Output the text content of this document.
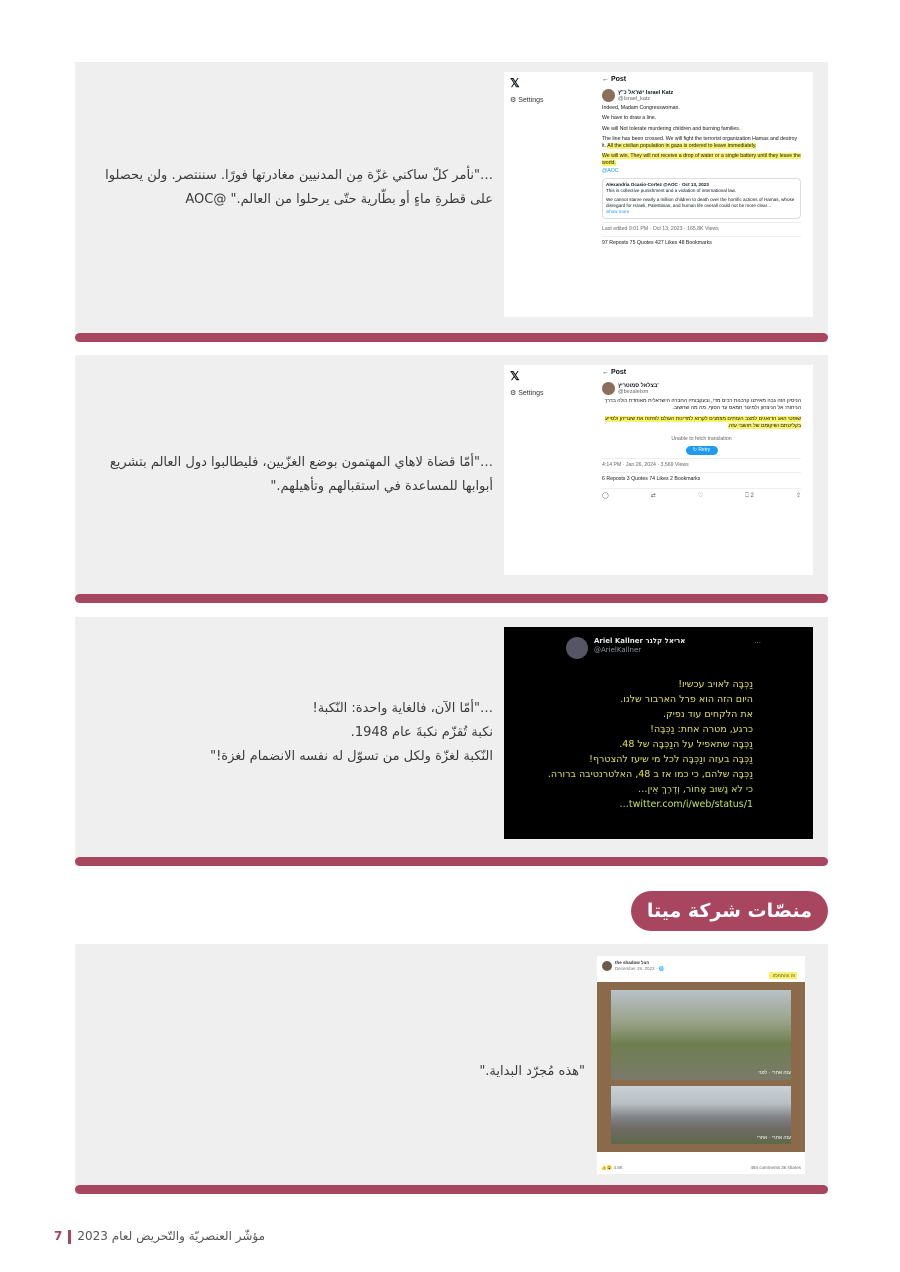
𝕏
⚙ Settings
← Post
ישראל כ"ץ Israel Katz
@Israel_katz

Indeed, Madam Congresswoman.

We have to draw a line.

We will Not tolerate murdering children and burning families.

The line has been crossed. We will fight the terrorist organization Hamas and destroy it. All the civilian population in gaza is ordered to leave immediately.

We will win. They will not receive a drop of water or a single battery until they leave the world.
@AOC

Alexandria Ocasio-Cortez @AOC · Oct 13, 2023
This is collective punishment and a violation of international law.
We cannot starve nearly a million children to death over the horrific actions of Hamas, whose disregard for Israeli, Palestinian, and human life overall could not be more clear…
Show more
Last edited 9:01 PM · Oct 13, 2023 · 165.8K Views
97 Reposts 75 Quotes 427 Likes 48 Bookmarks
…"نأمر كلّ ساكني غزّة مِن المدنيين مغادرتها فورًا. سننتصر. ولن يحصلوا على قطرةِ ماءٍ أو بطّارية حتّى يرحلوا من العالم." @AOC
𝕏
⚙ Settings
← Post
בצלאל סמוטריץ'
@bezalelsm

הניסיון הזה גבה מאיתנו קרבנות רבים מדי, ובעקבותיו החברה הישראלית מאוחדת כולה בדרך הניחוח: אל הניצחון ולמיגור חמאס עד הסוף, מה מה שחשוב.

שופטי האג הדואגים למצב העזתים מוזמנים לקרוא למדינות העולם לפתוח את שעריהן ולסייע בקליטתם ושיקומם של תושבי עזה.

Unable to fetch translation
↻ Retry
4:14 PM · Jan 26, 2024 · 3,569 Views
6 Reposts 3 Quotes 74 Likes 2 Bookmarks
◯	⇄	♡	⎕ 2	⇪
…"أمّا قضاة لاهاي المهتمون بوضع الغزّيين، فليطالبوا دول العالم بتشريع أبوابها للمساعدة في استقبالهم وتأهيلهم."
Ariel Kallner אריאל קלנר
@ArielKallner
···
נַכְּבָּה לאויב עכשיו!
היום הזה הוא פרל הארבור שלנו.
את הלקחים עוד נפיק.
כרגע, מטרה אחת: נַכְּבָּה!
נַכְּבָּה שתאפיל על הנַכְּבָּה של 48.
נַכְּבָּה בעזה ונַכְּבָּה לכל מי שיעז להצטרף!
נַכְּבָּה שלהם, כי כמו אז ב 48, האלטרנטיבה ברורה.
כי לא נָשׁוּב אָחוֹר, וְדֶרֶךְ אֵין… twitter.com/i/web/status/1…
…"أمّا الآن، فالغاية واحدة: النّكبة!
نكبة تُقزّم نكبةَ عام 1948.
النّكبة لغزّة ولكل من تسوّل له نفسه الانضمام لغزة!"
منصّات شركة ميتا
the shadow הצל
December 29, 2023 · 🌐
זה ההתחלה.
עזה אחרי · לפני
עזה אחרי · אחרי
👍😮 4.8K	484 comments 36 shares
"هذه مُجرّد البداية."
7 مؤشّر العنصريّة والتّحريض لعام 2023
